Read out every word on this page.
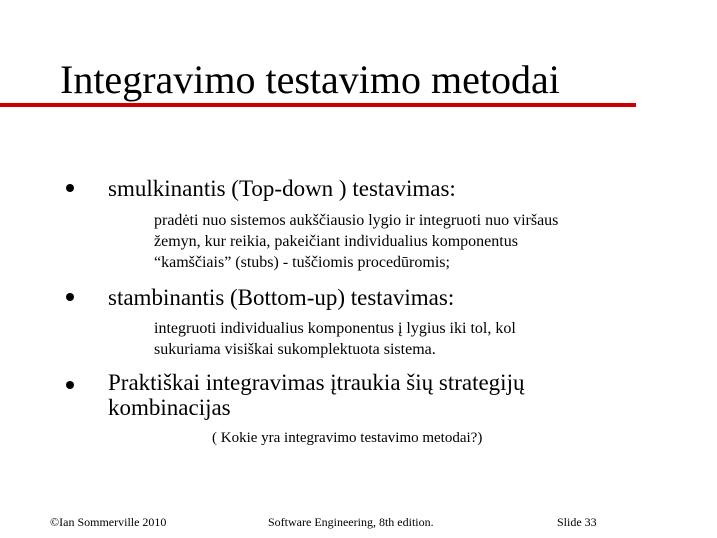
Integravimo testavimo metodai
smulkinantis (Top-down ) testavimas:
pradėti nuo sistemos aukščiausio lygio ir integruoti nuo viršaus
žemyn, kur reikia, pakeičiant individualius komponentus
“kamščiais” (stubs) - tuščiomis procedūromis;
stambinantis (Bottom-up) testavimas:
integruoti individualius komponentus į lygius iki tol, kol
sukuriama visiškai sukomplektuota sistema.
Praktiškai integravimas įtraukia šių strategijų
kombinacijas
( Kokie yra integravimo testavimo metodai?)
©Ian Sommerville 2010	Software Engineering, 8th edition.	Slide 33
